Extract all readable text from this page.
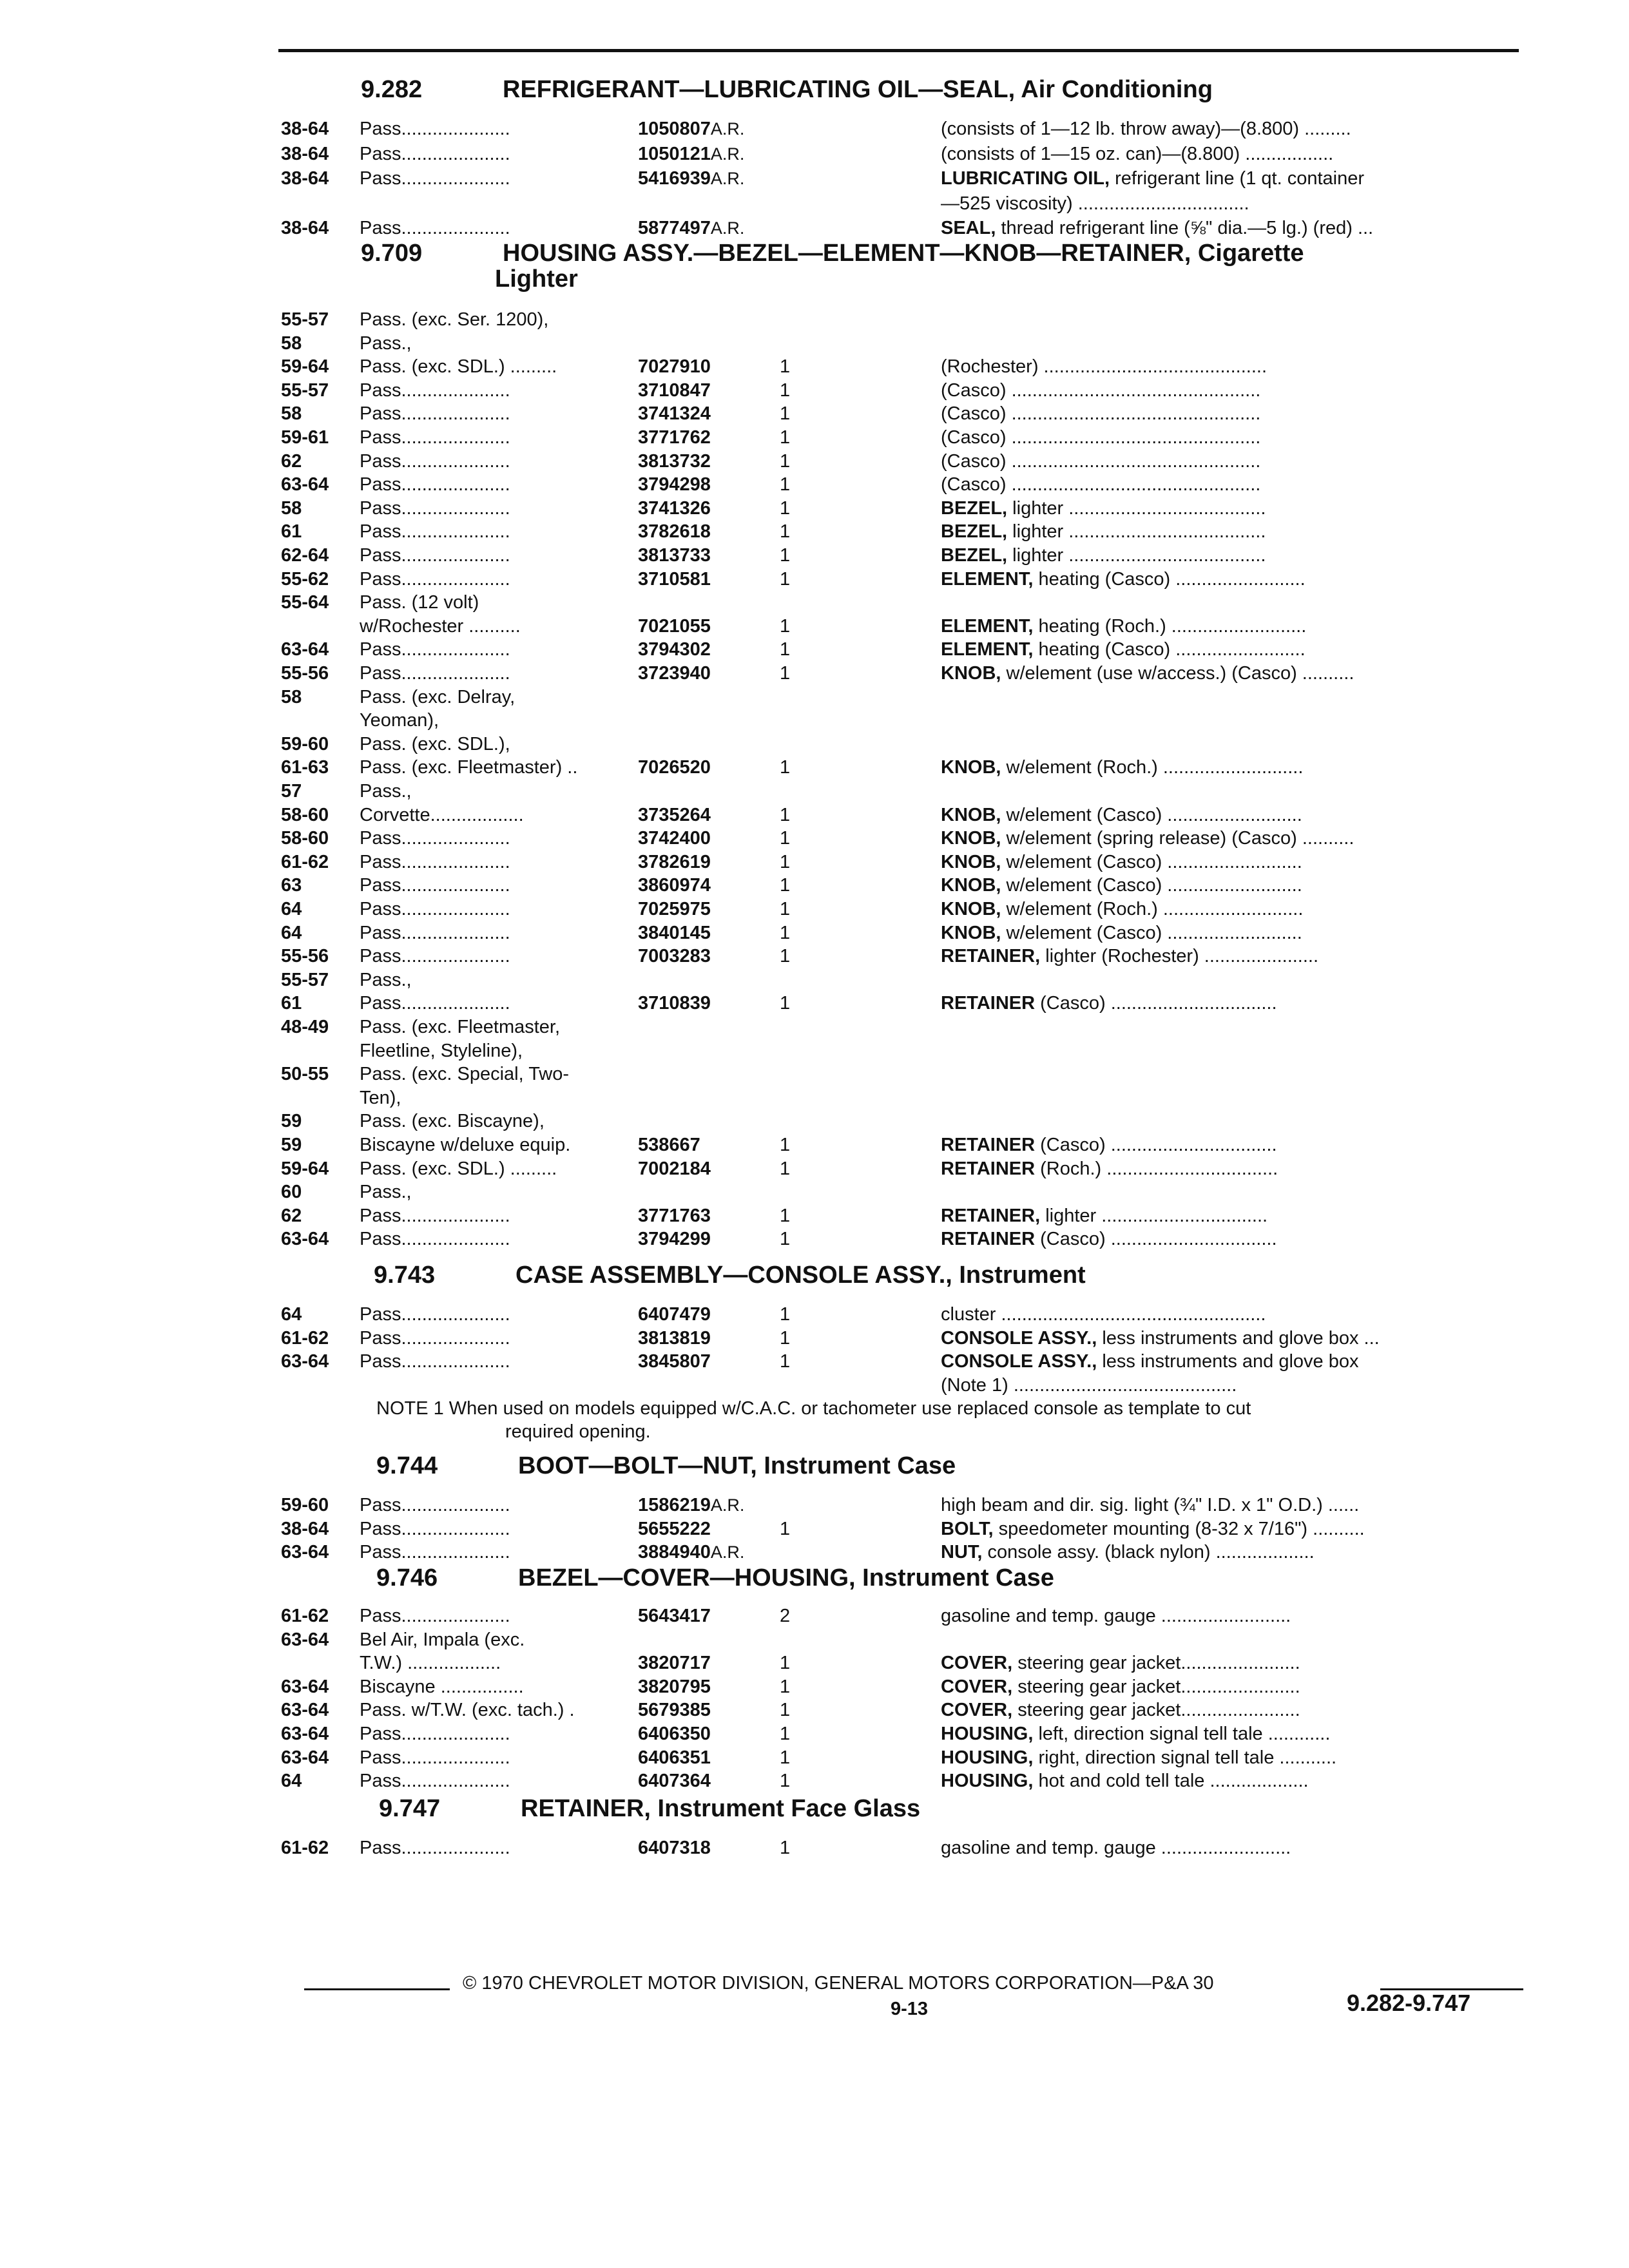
9.282	REFRIGERANT—LUBRICATING OIL—SEAL, Air Conditioning
38-64	Pass.....................	1050807A.R.	(consists of 1—12 lb. throw away)—(8.800) .........
38-64	Pass.....................	1050121A.R.	(consists of 1—15 oz. can)—(8.800) .................
38-64	Pass.....................	5416939A.R.	LUBRICATING OIL, refrigerant line (1 qt. container
—525 viscosity) .................................
38-64	Pass.....................	5877497A.R.	SEAL, thread refrigerant line (⅝" dia.—5 lg.) (red) ...
9.709	HOUSING ASSY.—BEZEL—ELEMENT—KNOB—RETAINER, Cigarette
Lighter
55-57	Pass. (exc. Ser. 1200),
58	Pass.,
59-64	Pass. (exc. SDL.) .........	7027910	1	(Rochester) ...........................................
55-57	Pass.....................	3710847	1	(Casco) ................................................
58	Pass.....................	3741324	1	(Casco) ................................................
59-61	Pass.....................	3771762	1	(Casco) ................................................
62	Pass.....................	3813732	1	(Casco) ................................................
63-64	Pass.....................	3794298	1	(Casco) ................................................
58	Pass.....................	3741326	1	BEZEL, lighter ......................................
61	Pass.....................	3782618	1	BEZEL, lighter ......................................
62-64	Pass.....................	3813733	1	BEZEL, lighter ......................................
55-62	Pass.....................	3710581	1	ELEMENT, heating (Casco) .........................
55-64	Pass. (12 volt)
w/Rochester ..........	7021055	1	ELEMENT, heating (Roch.) ..........................
63-64	Pass.....................	3794302	1	ELEMENT, heating (Casco) .........................
55-56	Pass.....................	3723940	1	KNOB, w/element (use w/access.) (Casco) ..........
58	Pass. (exc. Delray,
Yeoman),
59-60	Pass. (exc. SDL.),
61-63	Pass. (exc. Fleetmaster) ..	7026520	1	KNOB, w/element (Roch.) ...........................
57	Pass.,
58-60	Corvette..................	3735264	1	KNOB, w/element (Casco) ..........................
58-60	Pass.....................	3742400	1	KNOB, w/element (spring release) (Casco) ..........
61-62	Pass.....................	3782619	1	KNOB, w/element (Casco) ..........................
63	Pass.....................	3860974	1	KNOB, w/element (Casco) ..........................
64	Pass.....................	7025975	1	KNOB, w/element (Roch.) ...........................
64	Pass.....................	3840145	1	KNOB, w/element (Casco) ..........................
55-56	Pass.....................	7003283	1	RETAINER, lighter (Rochester) ......................
55-57	Pass.,
61	Pass.....................	3710839	1	RETAINER (Casco) ................................
48-49	Pass. (exc. Fleetmaster,
Fleetline, Styleline),
50-55	Pass. (exc. Special, Two-
Ten),
59	Pass. (exc. Biscayne),
59	Biscayne w/deluxe equip.	538667	1	RETAINER (Casco) ................................
59-64	Pass. (exc. SDL.) .........	7002184	1	RETAINER (Roch.) .................................
60	Pass.,
62	Pass.....................	3771763	1	RETAINER, lighter ................................
63-64	Pass.....................	3794299	1	RETAINER (Casco) ................................
9.743	CASE ASSEMBLY—CONSOLE ASSY., Instrument
64	Pass.....................	6407479	1	cluster ...................................................
61-62	Pass.....................	3813819	1	CONSOLE ASSY., less instruments and glove box ...
63-64	Pass.....................	3845807	1	CONSOLE ASSY., less instruments and glove box
(Note 1) ...........................................
9.744	BOOT—BOLT—NUT, Instrument Case
59-60	Pass.....................	1586219A.R.	high beam and dir. sig. light (¾" I.D. x 1" O.D.) ......
38-64	Pass.....................	5655222	1	BOLT, speedometer mounting (8-32 x 7/16") ..........
63-64	Pass.....................	3884940A.R.	NUT, console assy. (black nylon) ...................
9.746	BEZEL—COVER—HOUSING, Instrument Case
61-62	Pass.....................	5643417	2	gasoline and temp. gauge .........................
63-64	Bel Air, Impala (exc.
T.W.) ..................	3820717	1	COVER, steering gear jacket.......................
63-64	Biscayne ................	3820795	1	COVER, steering gear jacket.......................
63-64	Pass. w/T.W. (exc. tach.) .	5679385	1	COVER, steering gear jacket.......................
63-64	Pass.....................	6406350	1	HOUSING, left, direction signal tell tale ............
63-64	Pass.....................	6406351	1	HOUSING, right, direction signal tell tale ...........
64	Pass.....................	6407364	1	HOUSING, hot and cold tell tale ...................
9.747	RETAINER, Instrument Face Glass
61-62	Pass.....................	6407318	1	gasoline and temp. gauge .........................
NOTE 1 When used on models equipped w/C.A.C. or tachometer use replaced console as template to cut
required opening.
© 1970 CHEVROLET MOTOR DIVISION, GENERAL MOTORS CORPORATION—P&A 30
9-13	9.282-9.747
